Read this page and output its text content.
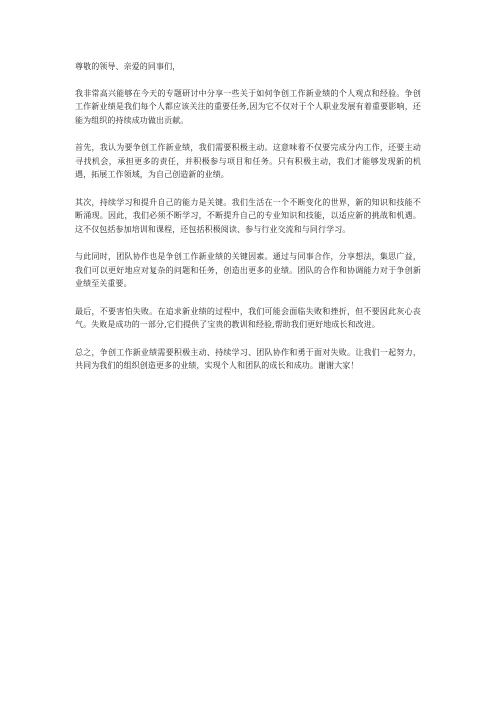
尊敬的领导、亲爱的同事们，

我非常高兴能够在今天的专题研讨中分享一些关于如何争创工作新业绩的个人观点和经验。争创工作新业绩是我们每个人都应该关注的重要任务,因为它不仅对于个人职业发展有着重要影响，还能为组织的持续成功做出贡献。

首先，我认为要争创工作新业绩，我们需要积极主动。这意味着不仅要完成分内工作，还要主动寻找机会，承担更多的责任，并积极参与项目和任务。只有积极主动，我们才能够发现新的机遇，拓展工作领域，为自己创造新的业绩。

其次，持续学习和提升自己的能力是关键。我们生活在一个不断变化的世界，新的知识和技能不断涌现。因此，我们必须不断学习，不断提升自己的专业知识和技能，以适应新的挑战和机遇。这不仅包括参加培训和课程，还包括积极阅读、参与行业交流和与同行学习。

与此同时，团队协作也是争创工作新业绩的关键因素。通过与同事合作，分享想法，集思广益，我们可以更好地应对复杂的问题和任务，创造出更多的业绩。团队的合作和协调能力对于争创新业绩至关重要。

最后，不要害怕失败。在追求新业绩的过程中，我们可能会面临失败和挫折，但不要因此灰心丧气。失败是成功的一部分,它们提供了宝贵的教训和经验,帮助我们更好地成长和改进。

总之，争创工作新业绩需要积极主动、持续学习、团队协作和勇于面对失败。让我们一起努力，共同为我们的组织创造更多的业绩，实现个人和团队的成长和成功。谢谢大家！
